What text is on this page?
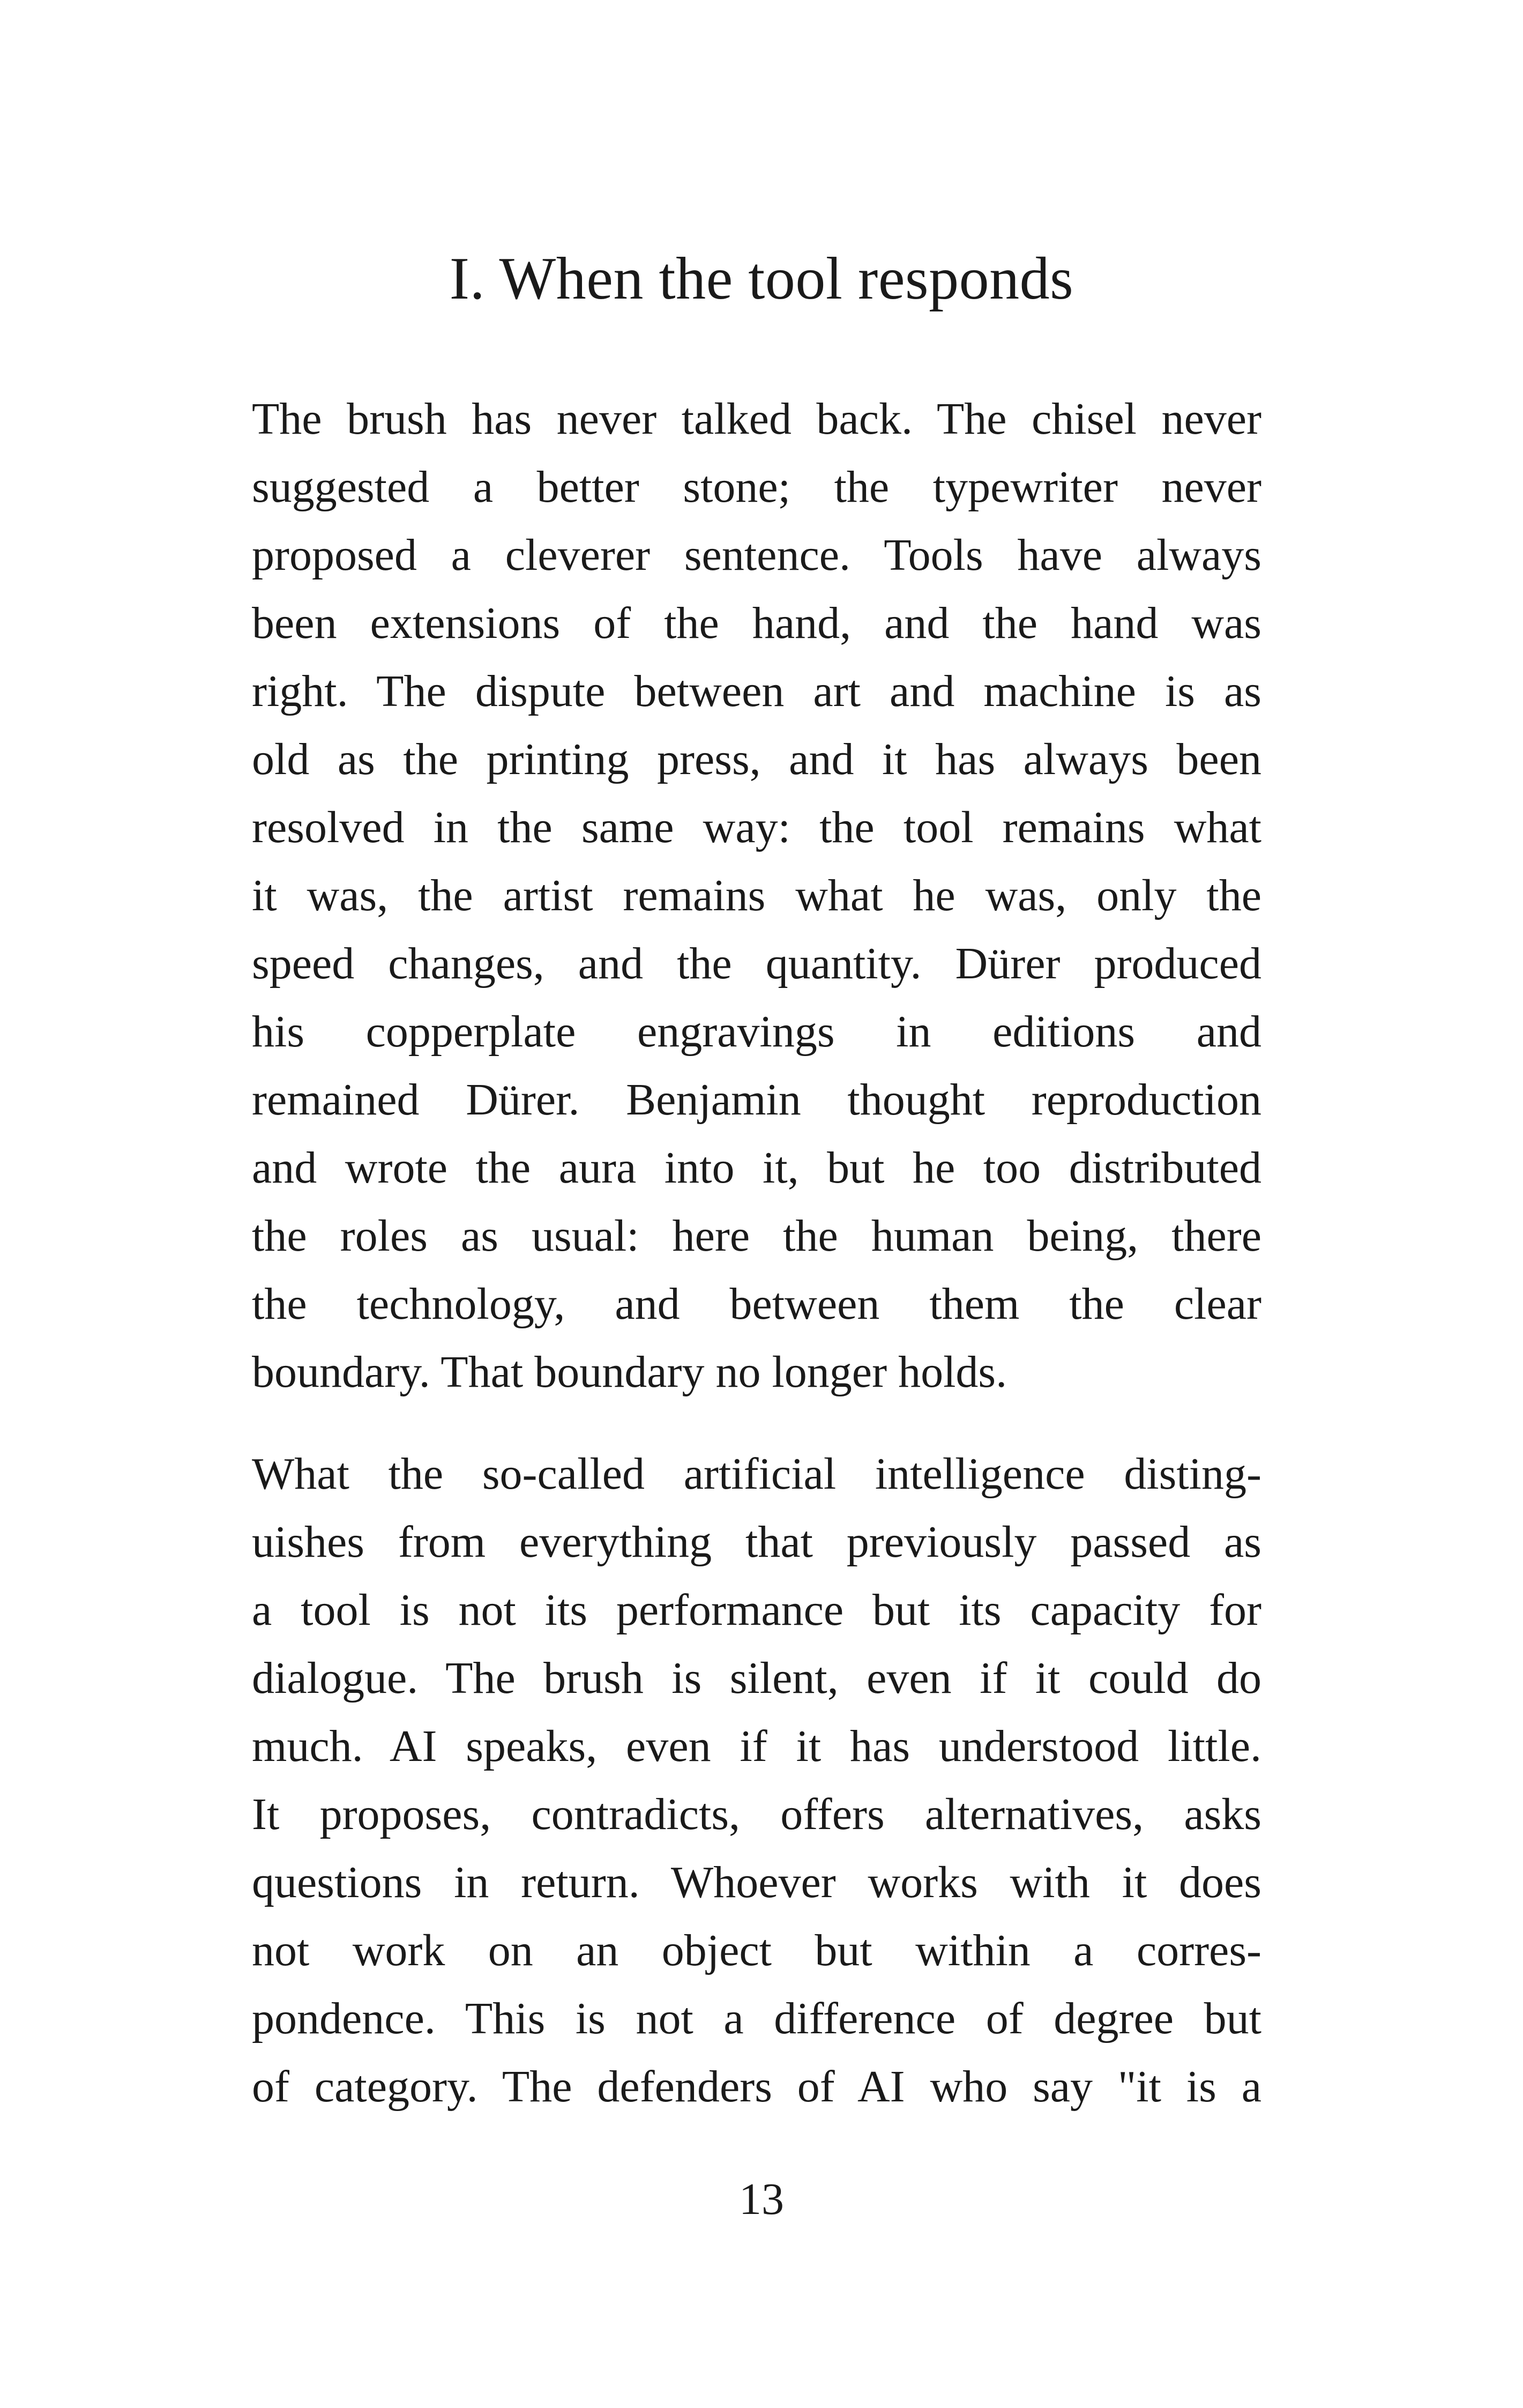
I. When the tool responds
The brush has never talked back. The chisel never
suggested a better stone; the typewriter never
proposed a cleverer sentence. Tools have always
been extensions of the hand, and the hand was
right. The dispute between art and machine is as
old as the printing press, and it has always been
resolved in the same way: the tool remains what
it was, the artist remains what he was, only the
speed changes, and the quantity. Dürer produced
his copperplate engravings in editions and
remained Dürer. Benjamin thought reproduction
and wrote the aura into it, but he too distributed
the roles as usual: here the human being, there
the technology, and between them the clear
boundary. That boundary no longer holds.
What the so-called artificial intelligence disting-
uishes from everything that previously passed as
a tool is not its performance but its capacity for
dialogue. The brush is silent, even if it could do
much. AI speaks, even if it has understood little.
It proposes, contradicts, offers alternatives, asks
questions in return. Whoever works with it does
not work on an object but within a corres-
pondence. This is not a difference of degree but
of category. The defenders of AI who say "it is a
13
